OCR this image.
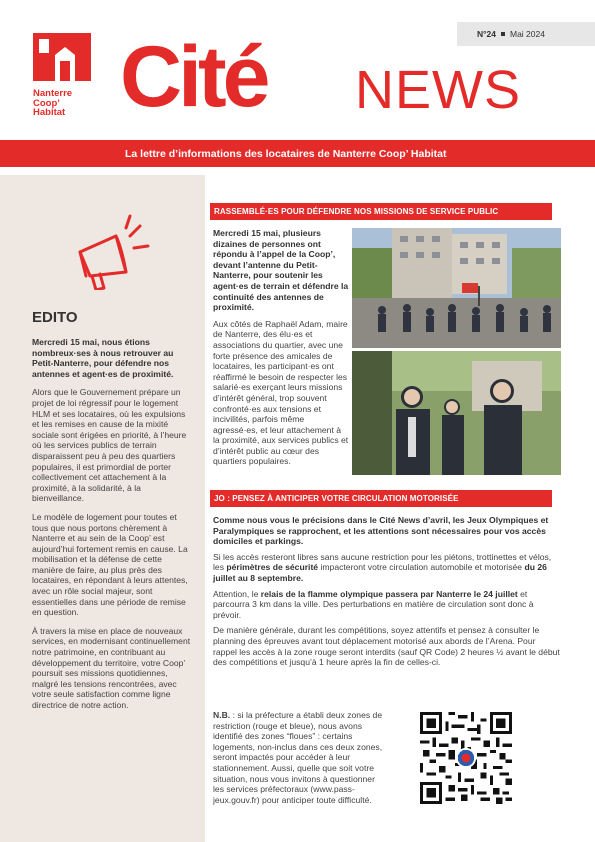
Nanterre
Coop’
Habitat Cité NEWS
N°24 Mai 2024
La lettre d’informations des locataires de Nanterre Coop’ Habitat
EDITO

Mercredi 15 mai, nous étions nombreux·ses à nous retrouver au Petit-Nanterre, pour défendre nos antennes et agent·es de proximité.

Alors que le Gouvernement prépare un projet de loi régressif pour le logement HLM et ses locataires, où les expulsions et les remises en cause de la mixité sociale sont érigées en priorité, à l’heure où les services publics de terrain disparaissent peu à peu des quartiers populaires, il est primordial de porter collectivement cet attachement à la proximité, à la solidarité, à la bienveillance.

Le modèle de logement pour toutes et tous que nous portons chèrement à Nanterre et au sein de la Coop’ est aujourd’hui fortement remis en cause. La mobilisation et la défense de cette manière de faire, au plus près des locataires, en répondant à leurs attentes, avec un rôle social majeur, sont essentielles dans une période de remise en question.

À travers la mise en place de nouveaux services, en modernisant continuellement notre patrimoine, en contribuant au développement du territoire, votre Coop’ poursuit ses missions quotidiennes, malgré les tensions rencontrées, avec votre seule satisfaction comme ligne directrice de notre action.

RASSEMBLÉ·ES POUR DÉFENDRE NOS MISSIONS DE SERVICE PUBLIC

Mercredi 15 mai, plusieurs dizaines de personnes ont répondu à l’appel de la Coop’, devant l’antenne du Petit-Nanterre, pour soutenir les agent·es de terrain et défendre la continuité des antennes de proximité.

Aux côtés de Raphaël Adam, maire de Nanterre, des élu·es et associations du quartier, avec une forte présence des amicales de locataires, les participant·es ont réaffirmé le besoin de respecter les salarié·es exerçant leurs missions d’intérêt général, trop souvent confronté·es aux tensions et incivilités, parfois même agressé·es, et leur attachement à la proximité, aux services publics et d’intérêt public au cœur des quartiers populaires.

JO : PENSEZ À ANTICIPER VOTRE CIRCULATION MOTORISÉE

Comme nous vous le précisions dans le Cité News d’avril, les Jeux Olympiques et Paralympiques se rapprochent, et les attentions sont nécessaires pour vos accès domiciles et parkings.

Si les accès resteront libres sans aucune restriction pour les piétons, trottinettes et vélos, les périmètres de sécurité impacteront votre circulation automobile et motorisée du 26 juillet au 8 septembre.

Attention, le relais de la flamme olympique passera par Nanterre le 24 juillet et parcourra 3 km dans la ville. Des perturbations en matière de circulation sont donc à prévoir.

De manière générale, durant les compétitions, soyez attentifs et pensez à consulter le planning des épreuves avant tout déplacement motorisé aux abords de l’Arena. Pour rappel les accès à la zone rouge seront interdits (sauf QR Code) 2 heures ½ avant le début des compétitions et jusqu’à 1 heure après la fin de celles-ci.

N.B. : si la préfecture a établi deux zones de restriction (rouge et bleue), nous avons identifié des zones “floues” : certains logements, non-inclus dans ces deux zones, seront impactés pour accéder à leur stationnement. Aussi, quelle que soit votre situation, nous vous invitons à questionner les services préfectoraux (www.pass-jeux.gouv.fr) pour anticiper toute difficulté.
